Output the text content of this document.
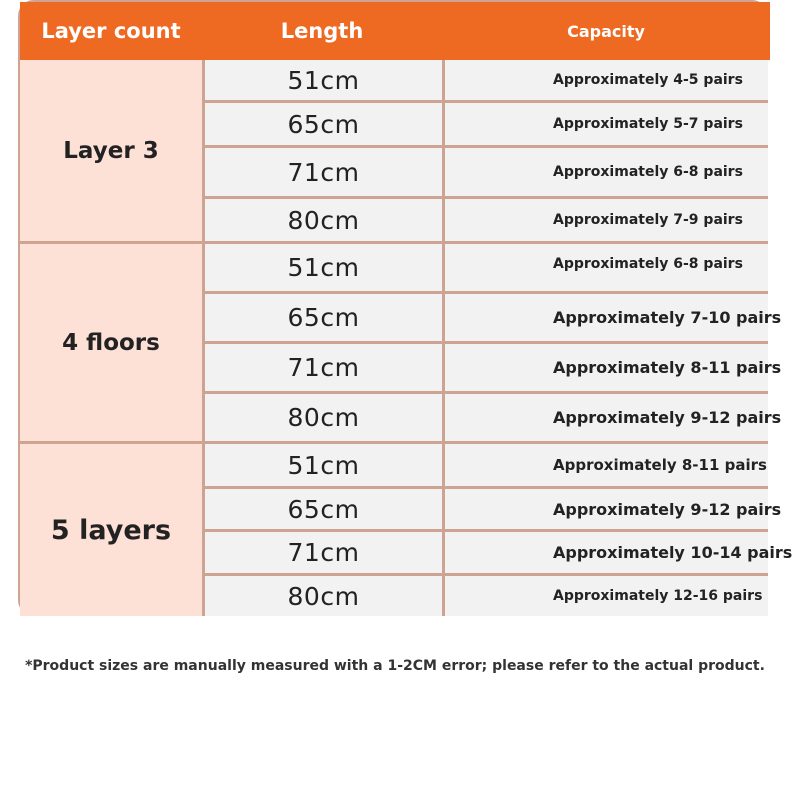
Layer count	Length	Capacity
Layer 3
51cm	Approximately 4-5 pairs
65cm	Approximately 5-7 pairs
71cm	Approximately 6-8 pairs
80cm	Approximately 7-9 pairs
4 floors
51cm	Approximately 6-8 pairs
65cm	Approximately 7-10 pairs
71cm	Approximately 8-11 pairs
80cm	Approximately 9-12 pairs
5 layers
51cm	Approximately 8-11 pairs
65cm	Approximately 9-12 pairs
71cm	Approximately 10-14 pairs
80cm	Approximately 12-16 pairs
*Product sizes are manually measured with a 1-2CM error; please refer to the actual product.
